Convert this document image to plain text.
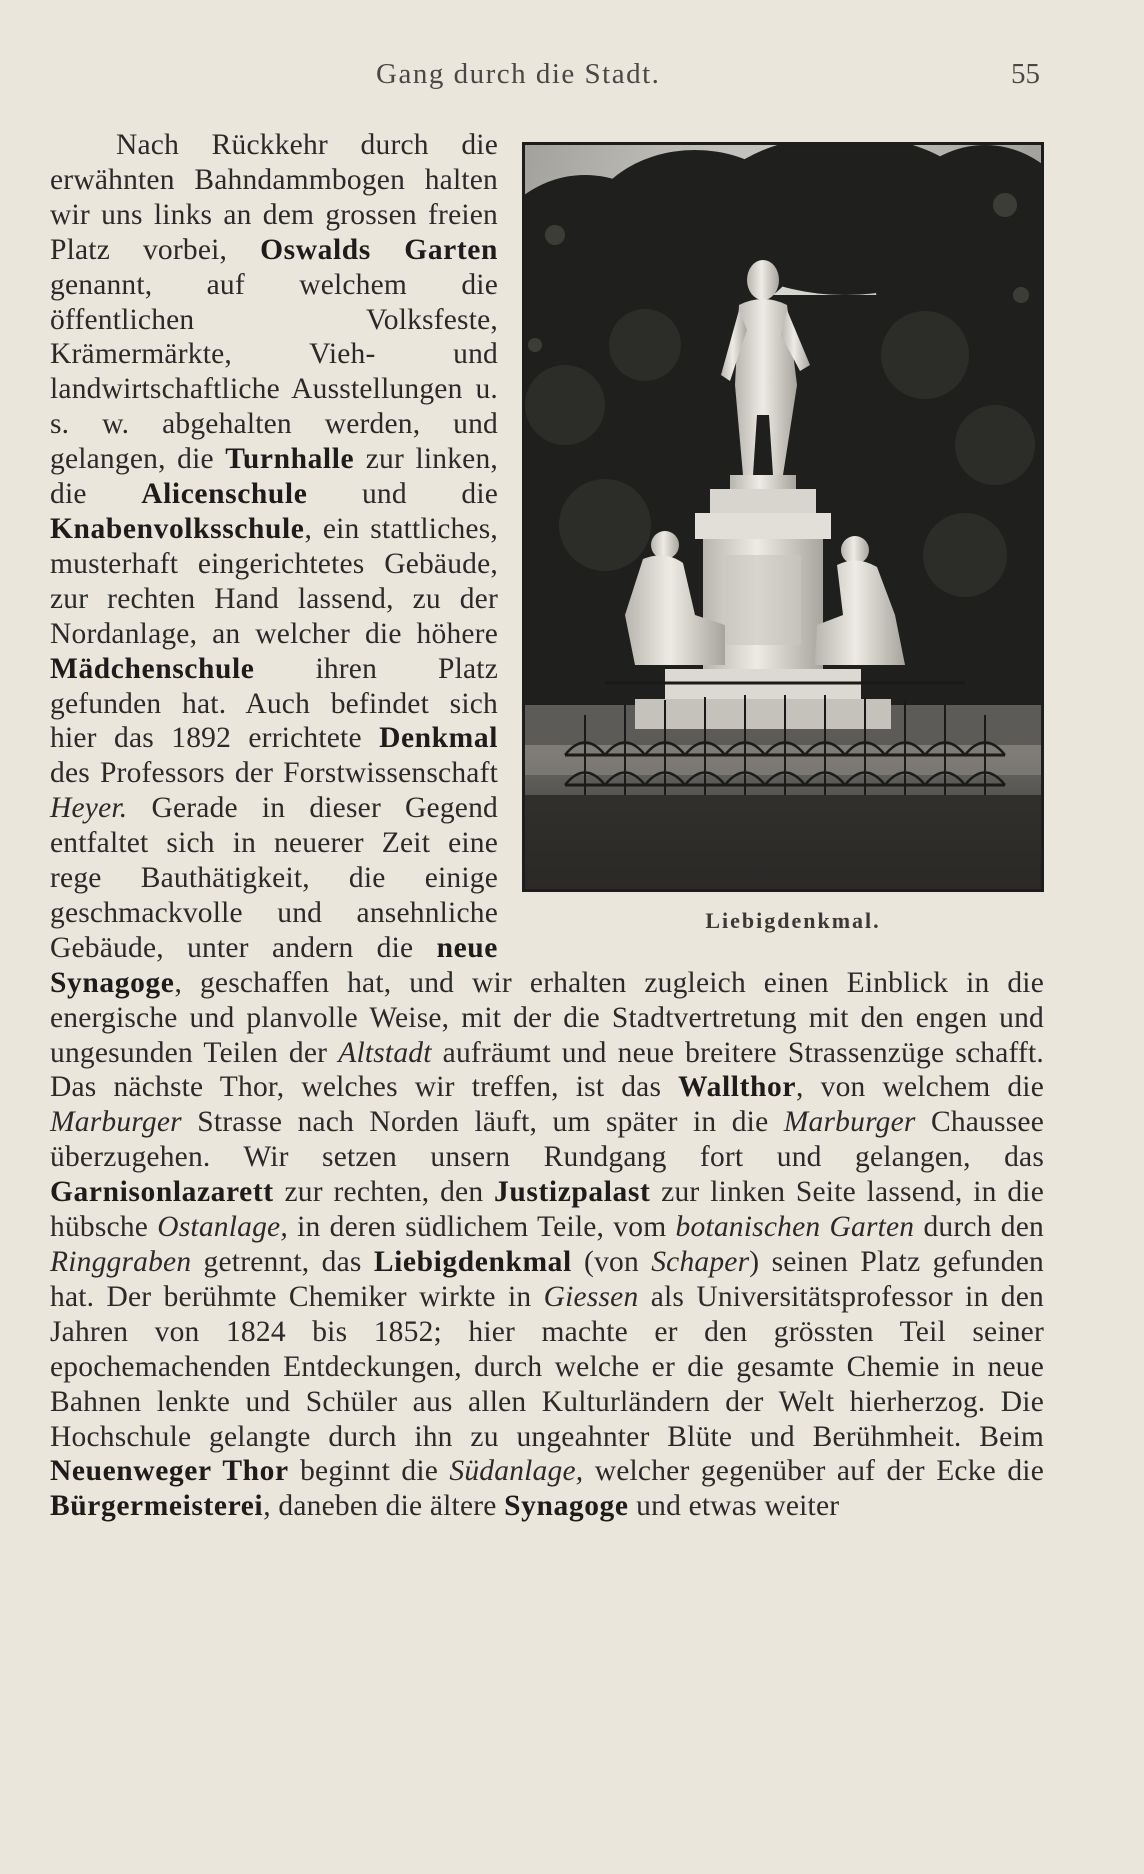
Gang durch die Stadt.	55
Liebigdenkmal.

Nach Rückkehr durch die erwähnten Bahndammbogen halten wir uns links an dem grossen freien Platz vorbei, Oswalds Garten genannt, auf welchem die öffentlichen Volksfeste, Krämermärkte, Vieh- und landwirtschaftliche Ausstellungen u. s. w. abgehalten werden, und gelangen, die Turnhalle zur linken, die Alicenschule und die Knabenvolksschule, ein stattliches, musterhaft eingerichtetes Gebäude, zur rechten Hand lassend, zu der Nordanlage, an welcher die höhere Mädchenschule ihren Platz gefunden hat. Auch befindet sich hier das 1892 errichtete Denkmal des Professors der Forstwissenschaft Heyer. Gerade in dieser Gegend entfaltet sich in neuerer Zeit eine rege Bauthätigkeit, die einige geschmackvolle und ansehnliche Gebäude, unter andern die neue Synagoge, geschaffen hat, und wir erhalten zugleich einen Einblick in die energische und planvolle Weise, mit der die Stadtvertretung mit den engen und ungesunden Teilen der Altstadt aufräumt und neue breitere Strassenzüge schafft. Das nächste Thor, welches wir treffen, ist das Wallthor, von welchem die Marburger Strasse nach Norden läuft, um später in die Marburger Chaussee überzugehen. Wir setzen unsern Rundgang fort und gelangen, das Garnisonlazarett zur rechten, den Justizpalast zur linken Seite lassend, in die hübsche Ostanlage, in deren südlichem Teile, vom botanischen Garten durch den Ringgraben getrennt, das Liebigdenkmal (von Schaper) seinen Platz gefunden hat. Der berühmte Chemiker wirkte in Giessen als Universitätsprofessor in den Jahren von 1824 bis 1852; hier machte er den grössten Teil seiner epochemachenden Entdeckungen, durch welche er die gesamte Chemie in neue Bahnen lenkte und Schüler aus allen Kulturländern der Welt hierherzog. Die Hochschule gelangte durch ihn zu ungeahnter Blüte und Berühmheit. Beim Neuenweger Thor beginnt die Südanlage, welcher gegenüber auf der Ecke die Bürgermeisterei, daneben die ältere Synagoge und etwas weiter
